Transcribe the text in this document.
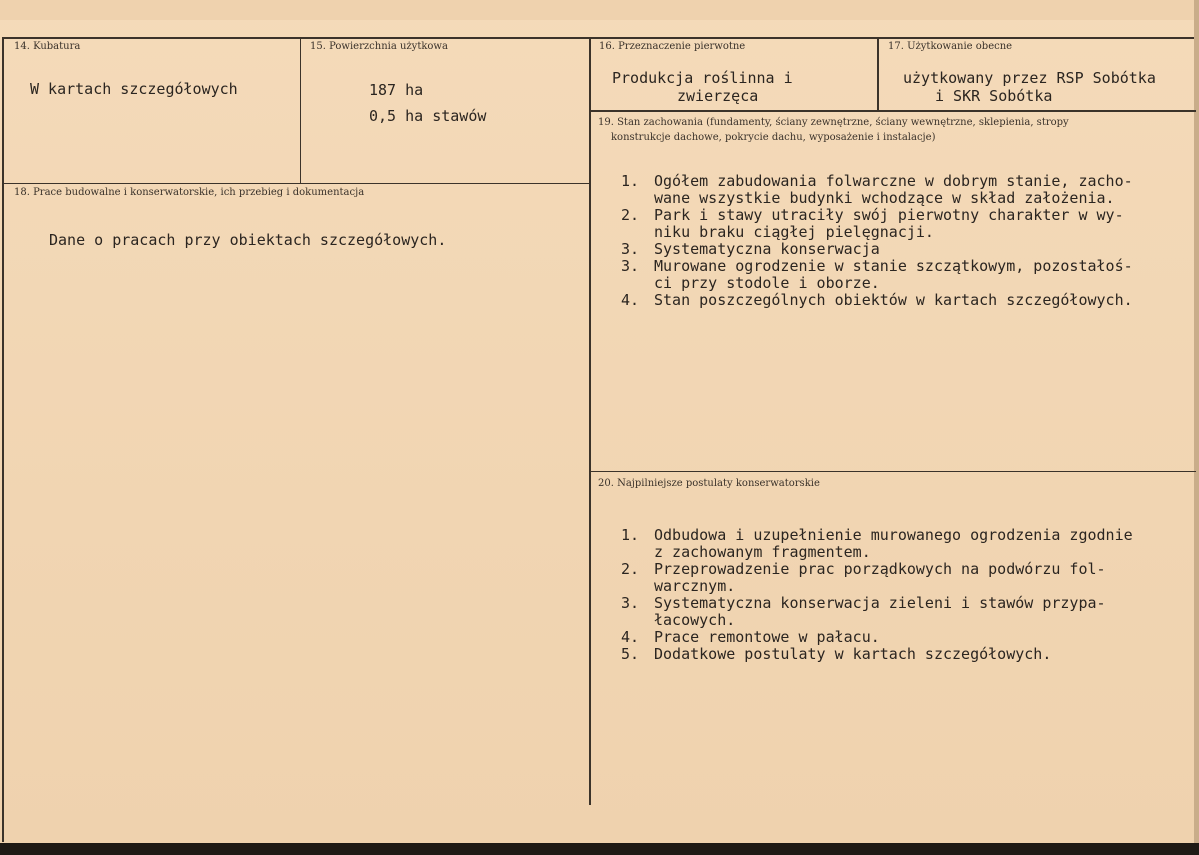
14. Kubatura
W kartach szczegółowych
15. Powierzchnia użytkowa
187 ha
0,5 ha stawów
16. Przeznaczenie pierwotne
Produkcja roślinna i
zwierzęca
17. Użytkowanie obecne
użytkowany przez RSP Sobótka
i SKR Sobótka
18. Prace budowalne i konserwatorskie, ich przebieg i dokumentacja
Dane o pracach przy obiektach szczegółowych.
19. Stan zachowania (fundamenty, ściany zewnętrzne, ściany wewnętrzne, sklepienia, stropy
konstrukcje dachowe, pokrycie dachu, wyposażenie i instalacje)
1. Ogółem zabudowania folwarczne w dobrym stanie, zacho-
wane wszystkie budynki wchodzące w skład założenia.
2. Park i stawy utraciły swój pierwotny charakter w wy-
niku braku ciągłej pielęgnacji.
3. Systematyczna konserwacja
3. Murowane ogrodzenie w stanie szczątkowym, pozostałoś-
ci przy stodole i oborze.
4. Stan poszczególnych obiektów w kartach szczegółowych.
20. Najpilniejsze postulaty konserwatorskie
1. Odbudowa i uzupełnienie murowanego ogrodzenia zgodnie
z zachowanym fragmentem.
2. Przeprowadzenie prac porządkowych na podwórzu fol-
warcznym.
3. Systematyczna konserwacja zieleni i stawów przypa-
łacowych.
4. Prace remontowe w pałacu.
5. Dodatkowe postulaty w kartach szczegółowych.
